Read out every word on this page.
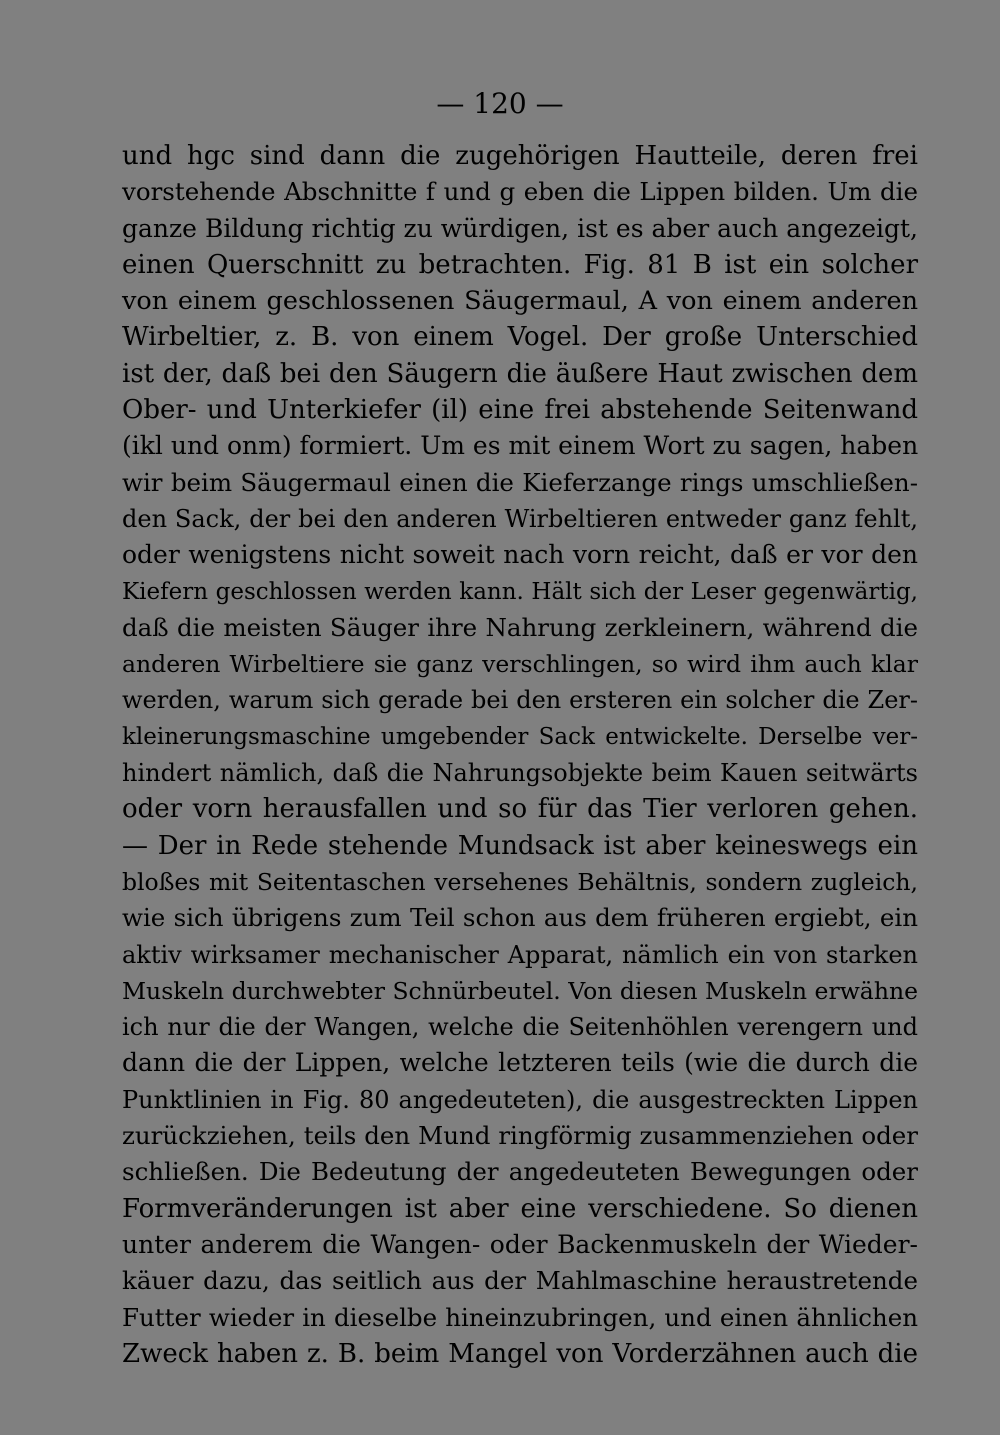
— 120 —
und hgc sind dann die zugehörigen Hautteile, deren frei
vorstehende Abschnitte f und g eben die Lippen bilden. Um die
ganze Bildung richtig zu würdigen, ist es aber auch angezeigt,
einen Querschnitt zu betrachten. Fig. 81 B ist ein solcher
von einem geschlossenen Säugermaul, A von einem anderen
Wirbeltier, z. B. von einem Vogel. Der große Unterschied
ist der, daß bei den Säugern die äußere Haut zwischen dem
Ober- und Unterkiefer (il) eine frei abstehende Seitenwand
(ikl und onm) formiert. Um es mit einem Wort zu sagen, haben
wir beim Säugermaul einen die Kieferzange rings umschließen-
den Sack, der bei den anderen Wirbeltieren entweder ganz fehlt,
oder wenigstens nicht soweit nach vorn reicht, daß er vor den
Kiefern geschlossen werden kann. Hält sich der Leser gegenwärtig,
daß die meisten Säuger ihre Nahrung zerkleinern, während die
anderen Wirbeltiere sie ganz verschlingen, so wird ihm auch klar
werden, warum sich gerade bei den ersteren ein solcher die Zer-
kleinerungsmaschine umgebender Sack entwickelte. Derselbe ver-
hindert nämlich, daß die Nahrungsobjekte beim Kauen seitwärts
oder vorn herausfallen und so für das Tier verloren gehen.
— Der in Rede stehende Mundsack ist aber keineswegs ein
bloßes mit Seitentaschen versehenes Behältnis, sondern zugleich,
wie sich übrigens zum Teil schon aus dem früheren ergiebt, ein
aktiv wirksamer mechanischer Apparat, nämlich ein von starken
Muskeln durchwebter Schnürbeutel. Von diesen Muskeln erwähne
ich nur die der Wangen, welche die Seitenhöhlen verengern und
dann die der Lippen, welche letzteren teils (wie die durch die
Punktlinien in Fig. 80 angedeuteten), die ausgestreckten Lippen
zurückziehen, teils den Mund ringförmig zusammenziehen oder
schließen. Die Bedeutung der angedeuteten Bewegungen oder
Formveränderungen ist aber eine verschiedene. So dienen
unter anderem die Wangen- oder Backenmuskeln der Wieder-
käuer dazu, das seitlich aus der Mahlmaschine heraustretende
Futter wieder in dieselbe hineinzubringen, und einen ähnlichen
Zweck haben z. B. beim Mangel von Vorderzähnen auch die
